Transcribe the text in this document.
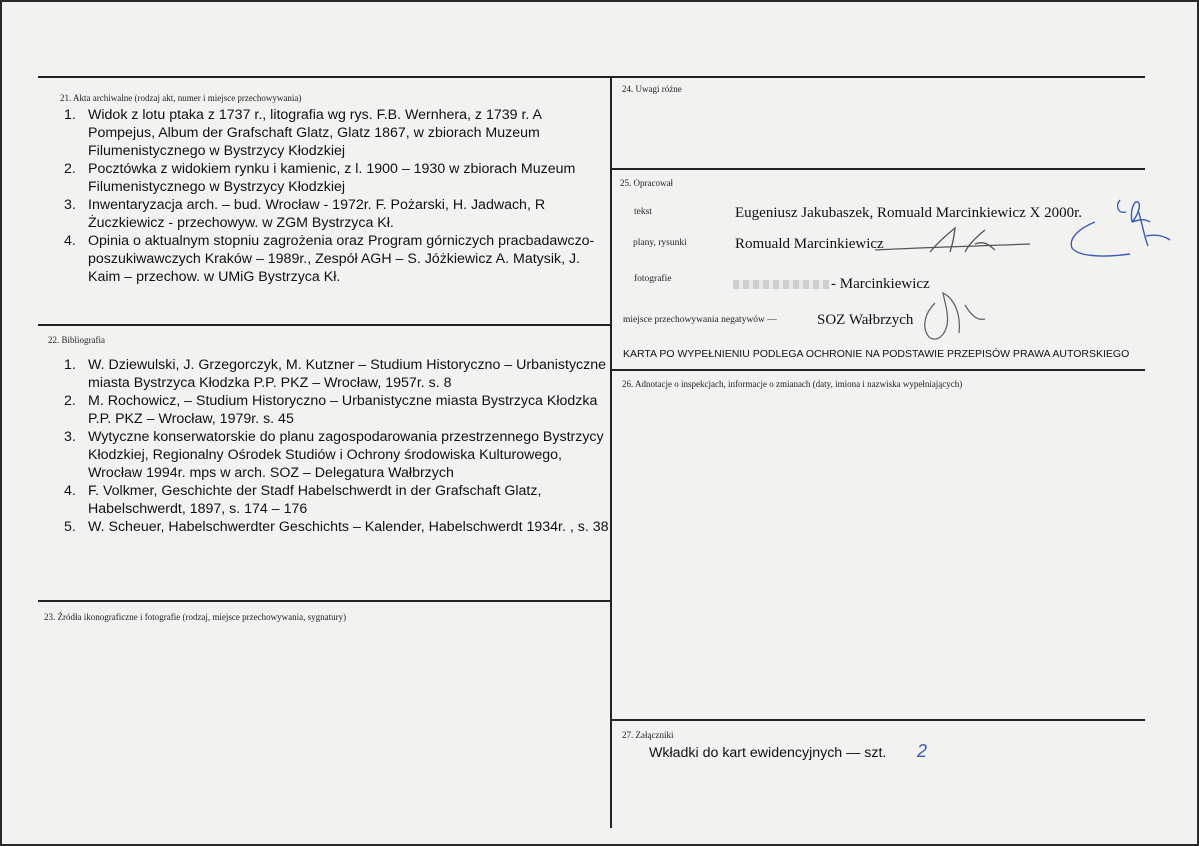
21. Akta archiwalne (rodzaj akt, numer i miejsce przechowywania)
1. Widok z lotu ptaka z 1737 r., litografia wg rys. F.B. Wernhera, z 1739 r. A Pompejus, Album der Grafschaft Glatz, Glatz 1867, w zbiorach Muzeum Filumenistycznego w Bystrzycy Kłodzkiej
2. Pocztówka z widokiem rynku i kamienic, z l. 1900 – 1930 w zbiorach Muzeum Filumenistycznego w Bystrzycy Kłodzkiej
3. Inwentaryzacja arch. – bud. Wrocław - 1972r. F. Pożarski, H. Jadwach, R Żuczkiewicz - przechowyw. w ZGM Bystrzyca Kł.
4. Opinia o aktualnym stopniu zagrożenia oraz Program górniczych pracbadawczo-poszukiwawczych Kraków – 1989r., Zespół AGH – S. Jóżkiewicz A. Matysik, J. Kaim – przechow. w UMiG Bystrzyca Kł.
22. Bibliografia
1. W. Dziewulski, J. Grzegorczyk, M. Kutzner – Studium Historyczno – Urbanistyczne miasta Bystrzyca Kłodzka P.P. PKZ – Wrocław, 1957r. s. 8
2. M. Rochowicz, – Studium Historyczno – Urbanistyczne miasta Bystrzyca Kłodzka P.P. PKZ – Wrocław, 1979r. s. 45
3. Wytyczne konserwatorskie do planu zagospodarowania przestrzennego Bystrzycy Kłodzkiej, Regionalny Ośrodek Studiów i Ochrony środowiska Kulturowego, Wrocław 1994r. mps w arch. SOZ – Delegatura Wałbrzych
4. F. Volkmer, Geschichte der Stadf Habelschwerdt in der Grafschaft Glatz, Habelschwerdt, 1897, s. 174 – 176
5. W. Scheuer, Habelschwerdter Geschichts – Kalender, Habelschwerdt 1934r. , s. 38
23. Źródła ikonograficzne i fotografie (rodzaj, miejsce przechowywania, sygnatury)
24. Uwagi różne
25. Opracował
tekst	Eugeniusz Jakubaszek, Romuald Marcinkiewicz X 2000r.
plany, rysunki	Romuald Marcinkiewicz
fotografie	- Marcinkiewicz
miejsce przechowywania negatywów —	SOZ Wałbrzych
KARTA PO WYPEŁNIENIU PODLEGA OCHRONIE NA PODSTAWIE PRZEPISÓW PRAWA AUTORSKIEGO
26. Adnotacje o inspekcjach, informacje o zmianach (daty, imiona i nazwiska wypełniających)
27. Załączniki
Wkładki do kart ewidencyjnych — szt. 2
